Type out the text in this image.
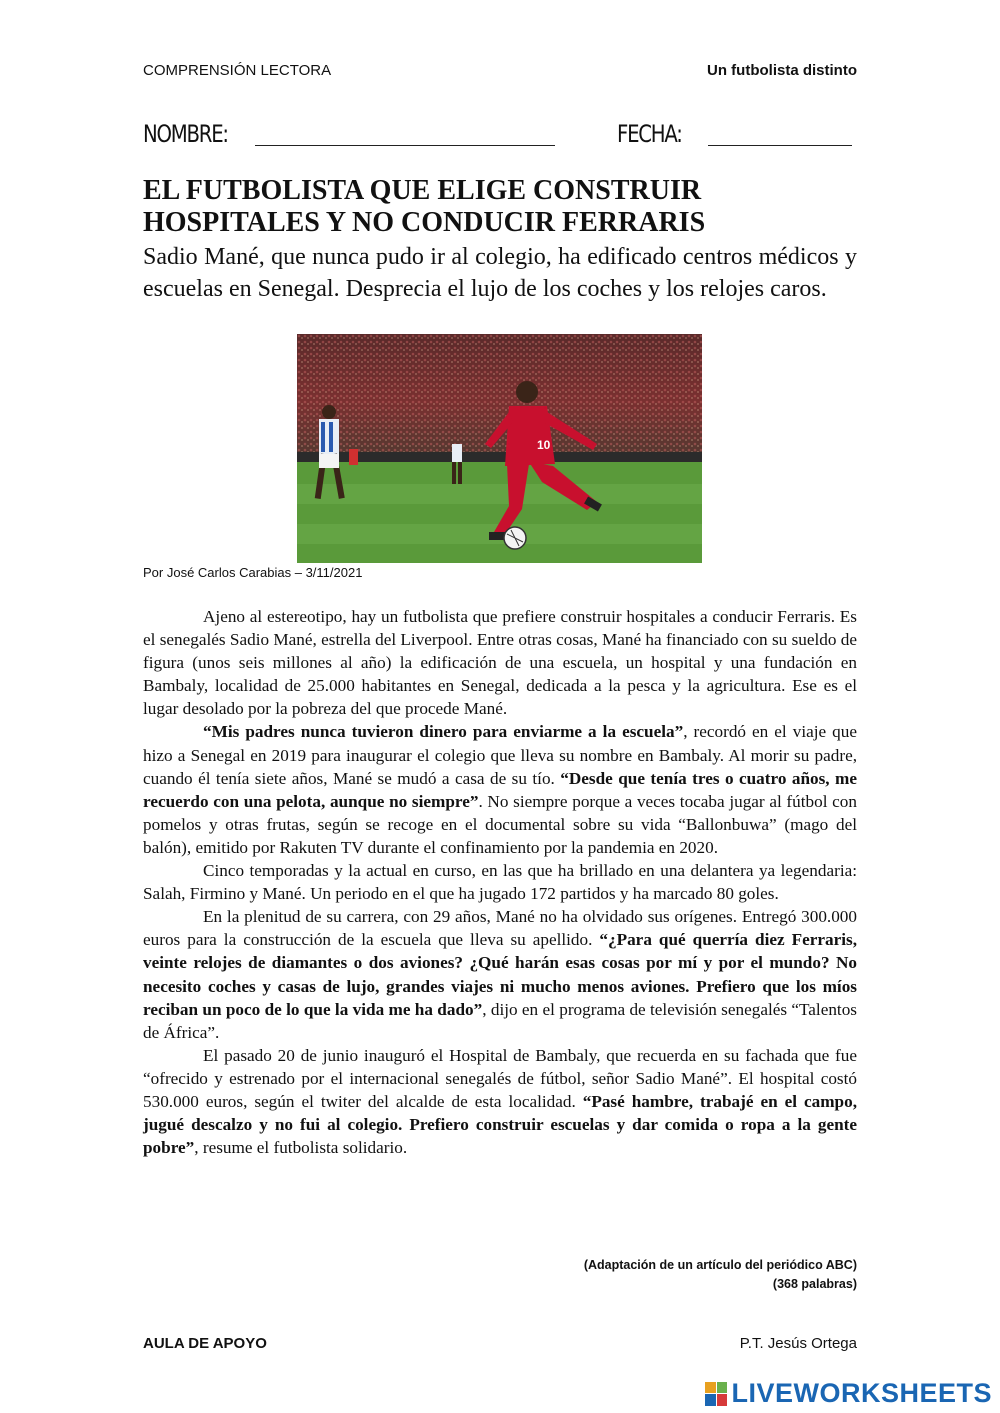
COMPRENSIÓN LECTORA	Un futbolista distinto
NOMBRE:	FECHA:
EL FUTBOLISTA QUE ELIGE CONSTRUIR
HOSPITALES Y NO CONDUCIR FERRARIS
Sadio Mané, que nunca pudo ir al colegio, ha edificado centros médicos y escuelas en Senegal. Desprecia el lujo de los coches y los relojes caros.
10
Por José Carlos Carabias – 3/11/2021

Ajeno al estereotipo, hay un futbolista que prefiere construir hospitales a conducir Ferraris. Es el senegalés Sadio Mané, estrella del Liverpool. Entre otras cosas, Mané ha financiado con su sueldo de figura (unos seis millones al año) la edificación de una escuela, un hospital y una fundación en Bambaly, localidad de 25.000 habitantes en Senegal, dedicada a la pesca y la agricultura. Ese es el lugar desolado por la pobreza del que procede Mané.

“Mis padres nunca tuvieron dinero para enviarme a la escuela”, recordó en el viaje que hizo a Senegal en 2019 para inaugurar el colegio que lleva su nombre en Bambaly. Al morir su padre, cuando él tenía siete años, Mané se mudó a casa de su tío. “Desde que tenía tres o cuatro años, me recuerdo con una pelota, aunque no siempre”. No siempre porque a veces tocaba jugar al fútbol con pomelos y otras frutas, según se recoge en el documental sobre su vida “Ballonbuwa” (mago del balón), emitido por Rakuten TV durante el confinamiento por la pandemia en 2020.

Cinco temporadas y la actual en curso, en las que ha brillado en una delantera ya legendaria: Salah, Firmino y Mané. Un periodo en el que ha jugado 172 partidos y ha marcado 80 goles.

En la plenitud de su carrera, con 29 años, Mané no ha olvidado sus orígenes. Entregó 300.000 euros para la construcción de la escuela que lleva su apellido. “¿Para qué querría diez Ferraris, veinte relojes de diamantes o dos aviones? ¿Qué harán esas cosas por mí y por el mundo? No necesito coches y casas de lujo, grandes viajes ni mucho menos aviones. Prefiero que los míos reciban un poco de lo que la vida me ha dado”, dijo en el programa de televisión senegalés “Talentos de África”.

El pasado 20 de junio inauguró el Hospital de Bambaly, que recuerda en su fachada que fue “ofrecido y estrenado por el internacional senegalés de fútbol, señor Sadio Mané”. El hospital costó 530.000 euros, según el twiter del alcalde de esta localidad. “Pasé hambre, trabajé en el campo, jugué descalzo y no fui al colegio. Prefiero construir escuelas y dar comida o ropa a la gente pobre”, resume el futbolista solidario.

(Adaptación de un artículo del periódico ABC)
(368 palabras)
AULA DE APOYO	P.T. Jesús Ortega
LIVEWORKSHEETS
